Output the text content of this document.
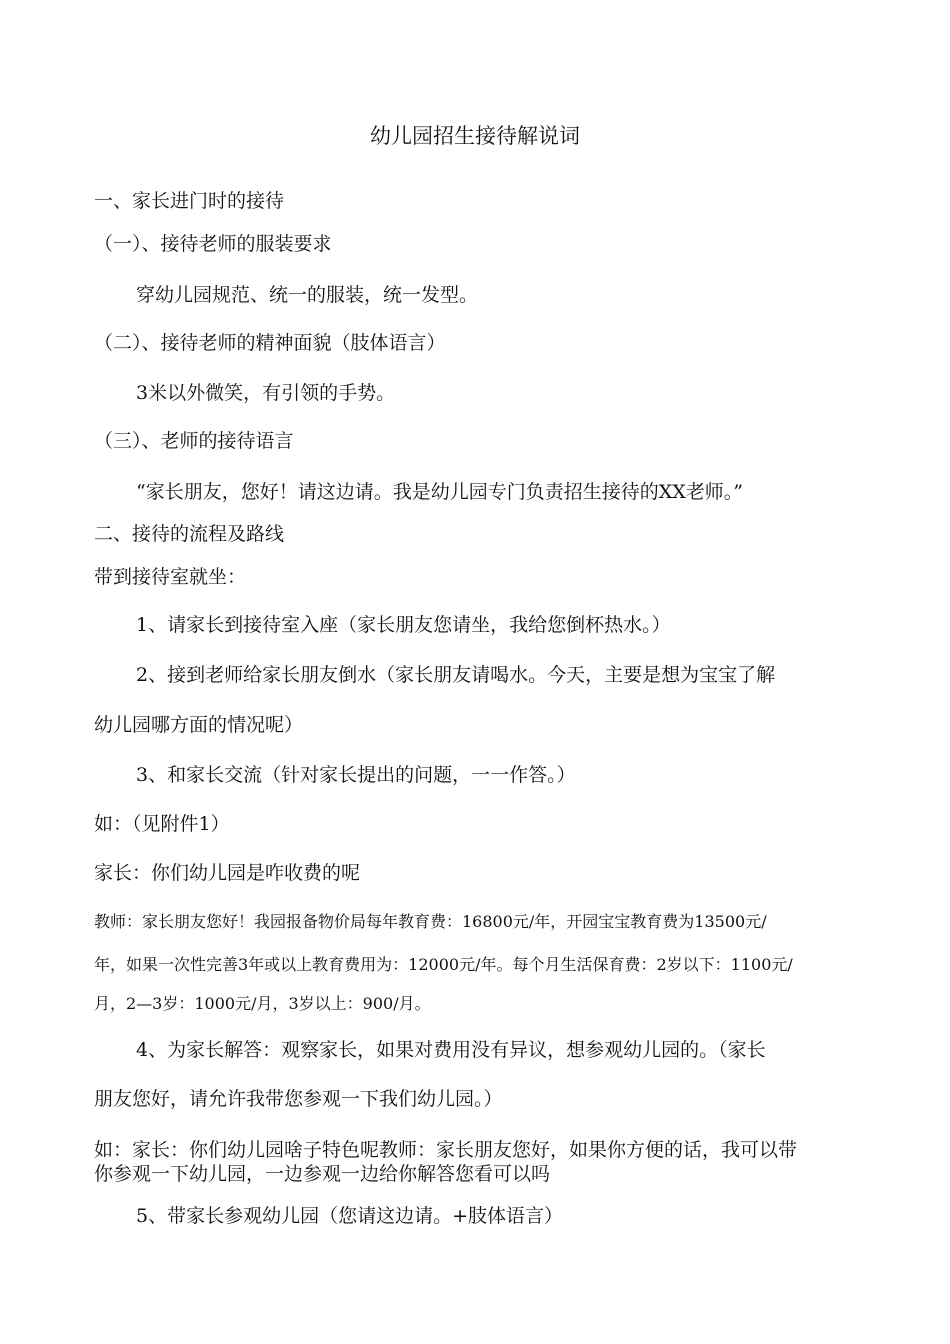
幼儿园招生接待解说词
一、家长进门时的接待
（一）、接待老师的服装要求
穿幼儿园规范、统一的服装，统一发型。
（二）、接待老师的精神面貌（肢体语言）
3米以外微笑，有引领的手势。
（三）、老师的接待语言
“家长朋友，您好！请这边请。我是幼儿园专门负责招生接待的XX老师。”
二、接待的流程及路线
带到接待室就坐：
1、请家长到接待室入座（家长朋友您请坐，我给您倒杯热水。）
2、接到老师给家长朋友倒水（家长朋友请喝水。今天，主要是想为宝宝了解
幼儿园哪方面的情况呢）
3、和家长交流（针对家长提出的问题，一一作答。）
如：（见附件1）
家长：你们幼儿园是咋收费的呢
教师：家长朋友您好！我园报备物价局每年教育费：16800元/年，开园宝宝教育费为13500元/
年，如果一次性完善3年或以上教育费用为：12000元/年。每个月生活保育费：2岁以下：1100元/
月，2—3岁：1000元/月，3岁以上：900/月。
4、为家长解答：观察家长，如果对费用没有异议，想参观幼儿园的。（家长
朋友您好，请允许我带您参观一下我们幼儿园。）
如：家长：你们幼儿园啥子特色呢教师：家长朋友您好，如果你方便的话，我可以带
你参观一下幼儿园，一边参观一边给你解答您看可以吗
5、带家长参观幼儿园（您请这边请。+肢体语言）
